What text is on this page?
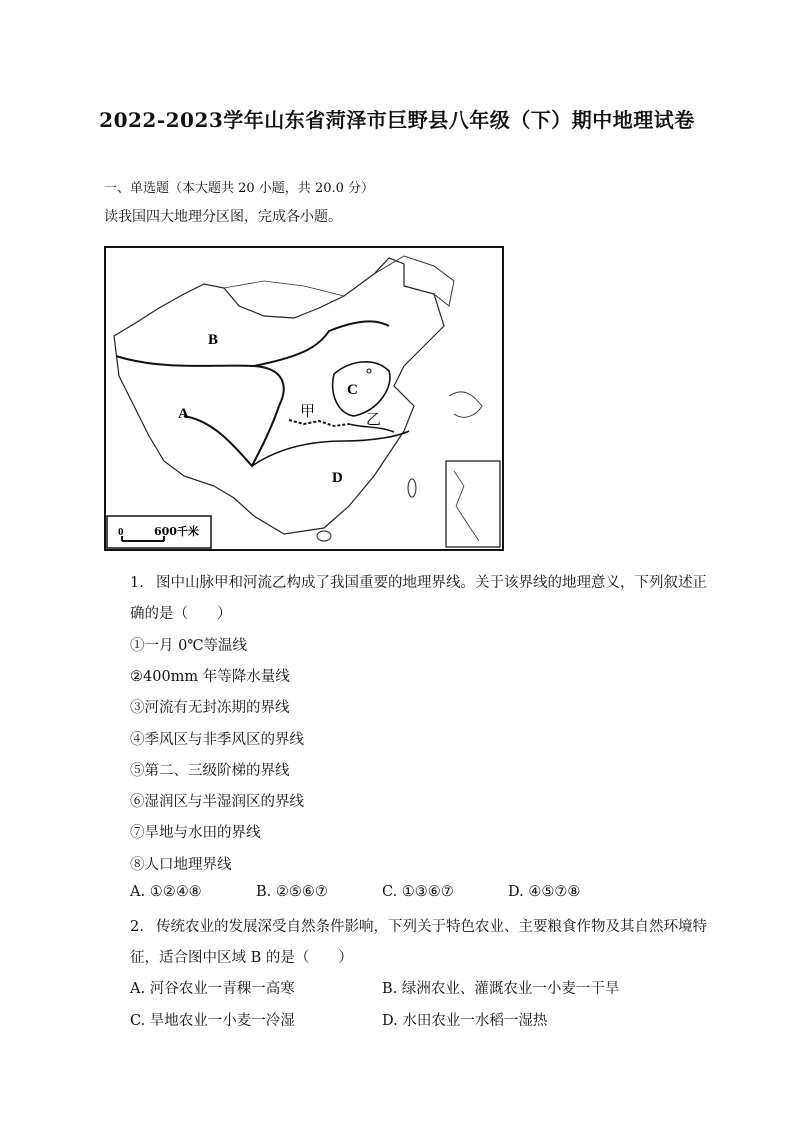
2022-2023学年山东省菏泽市巨野县八年级（下）期中地理试卷
一、单选题（本大题共 20 小题，共 20.0 分）
读我国四大地理分区图，完成各小题。
B
A
C
D
甲	乙
0	600千米
1. 图中山脉甲和河流乙构成了我国重要的地理界线。关于该界线的地理意义，下列叙述正
确的是（　　）
①一月 0℃等温线
②400mm 年等降水量线
③河流有无封冻期的界线
④季风区与非季风区的界线
⑤第二、三级阶梯的界线
⑥湿润区与半湿润区的界线
⑦旱地与水田的界线
⑧人口地理界线
A. ①②④⑧	B. ②⑤⑥⑦	C. ①③⑥⑦	D. ④⑤⑦⑧
2. 传统农业的发展深受自然条件影响，下列关于特色农业、主要粮食作物及其自然环境特
征，适合图中区域 B 的是（　　）
A. 河谷农业一青稞一高寒	B. 绿洲农业、灌溉农业一小麦一干旱
C. 旱地农业一小麦一冷湿	D. 水田农业一水稻一湿热
